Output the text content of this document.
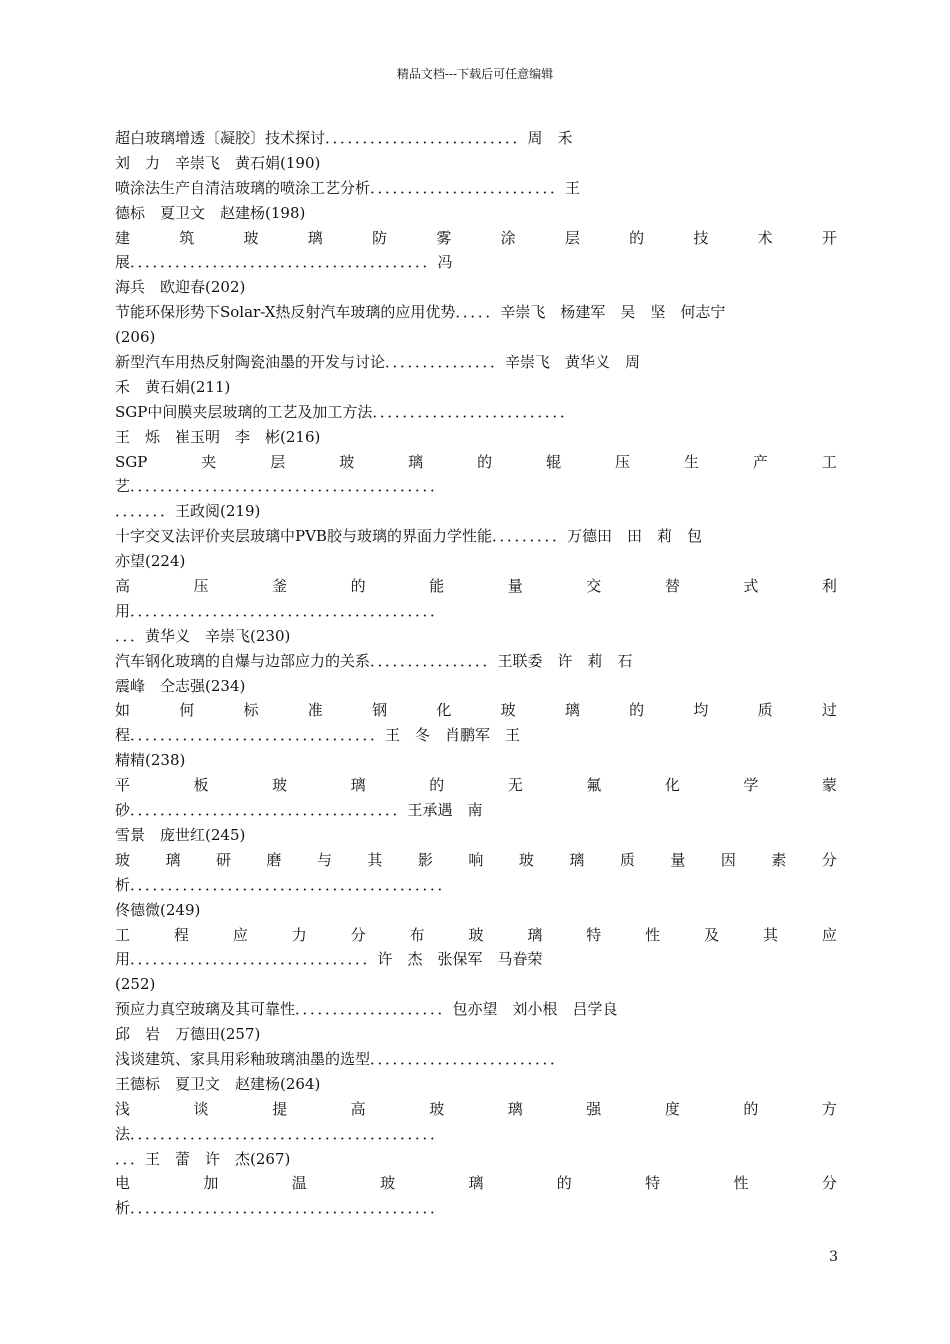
精品文档---下载后可任意编辑
超白玻璃增透〔凝胶〕技术探讨．．．．．．．．．．．．．．．．．．．．．．．．．．周　禾
刘　力　辛崇飞　黄石娟(190)
喷涂法生产自清洁玻璃的喷涂工艺分析．．．．．．．．．．．．．．．．．．．．．．．．．王
德标　夏卫文　赵建杨(198)
建	筑	玻	璃	防	雾	涂	层	的	技	术	开
展．．．．．．．．．．．．．．．．．．．．．．．．．．．．．．．．．．．．．．．．冯
海兵　欧迎春(202)
节能环保形势下Solar-X热反射汽车玻璃的应用优势．．．．．辛崇飞　杨建军　吴　坚　何志宁
(206)
新型汽车用热反射陶瓷油墨的开发与讨论．．．．．．．．．．．．．．．辛崇飞　黄华义　周
禾　黄石娟(211)
SGP中间膜夹层玻璃的工艺及加工方法．．．．．．．．．．．．．．．．．．．．．．．．．．
王　烁　崔玉明　李　彬(216)
SGP	夹	层	玻	璃	的	辊	压	生	产	工
艺．．．．．．．．．．．．．．．．．．．．．．．．．．．．．．．．．．．．．．．．．
．．．．．．．王政阅(219)
十字交叉法评价夹层玻璃中PVB胶与玻璃的界面力学性能．．．．．．．．．万德田　田　莉　包
亦望(224)
高	压	釜	的	能	量	交	替	式	利
用．．．．．．．．．．．．．．．．．．．．．．．．．．．．．．．．．．．．．．．．．
．．．黄华义　辛崇飞(230)
汽车钢化玻璃的自爆与边部应力的关系．．．．．．．．．．．．．．．．王联委　许　莉　石
震峰　仝志强(234)
如	何	标	准	钢	化	玻	璃	的	均	质	过
程．．．．．．．．．．．．．．．．．．．．．．．．．．．．．．．．．王　冬　肖鹏军　王
精精(238)
平	板	玻	璃	的	无	氟	化	学	蒙
砂．．．．．．．．．．．．．．．．．．．．．．．．．．．．．．．．．．．．王承遇　南
雪景　庞世红(245)
玻 璃 研 磨 与 其 影 响 玻 璃 质 量 因 素 分
析．．．．．．．．．．．．．．．．．．．．．．．．．．．．．．．．．．．．．．．．．．
佟德微(249)
工	程	应	力	分	布	玻	璃	特	性	及	其	应
用．．．．．．．．．．．．．．．．．．．．．．．．．．．．．．．．许　杰　张保军　马眷荣
(252)
预应力真空玻璃及其可靠性．．．．．．．．．．．．．．．．．．．．包亦望　刘小根　吕学良
邱　岩　万德田(257)
浅谈建筑、家具用彩釉玻璃油墨的选型．．．．．．．．．．．．．．．．．．．．．．．．．
王德标　夏卫文　赵建杨(264)
浅	谈	提	高	玻	璃	强	度	的	方
法．．．．．．．．．．．．．．．．．．．．．．．．．．．．．．．．．．．．．．．．．
．．．王　蕾　许　杰(267)
电	加	温	玻	璃	的	特	性	分
析．．．．．．．．．．．．．．．．．．．．．．．．．．．．．．．．．．．．．．．．．
3
